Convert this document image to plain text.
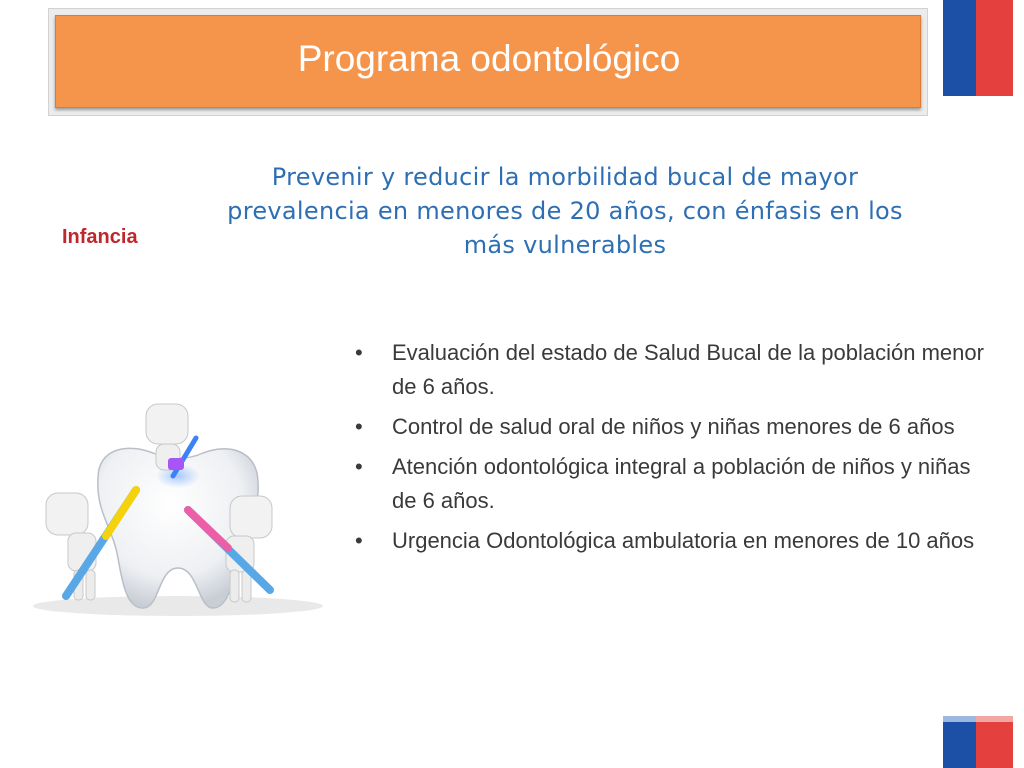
Programa odontológico
Prevenir y reducir la morbilidad bucal de mayor prevalencia en menores de 20 años, con énfasis en los más vulnerables
Infancia
• Evaluación del estado de Salud Bucal de la población menor de 6 años.
• Control de salud oral de niños y niñas menores de 6 años
• Atención odontológica integral a población de niños y niñas de 6 años.
• Urgencia Odontológica ambulatoria en menores de 10 años
